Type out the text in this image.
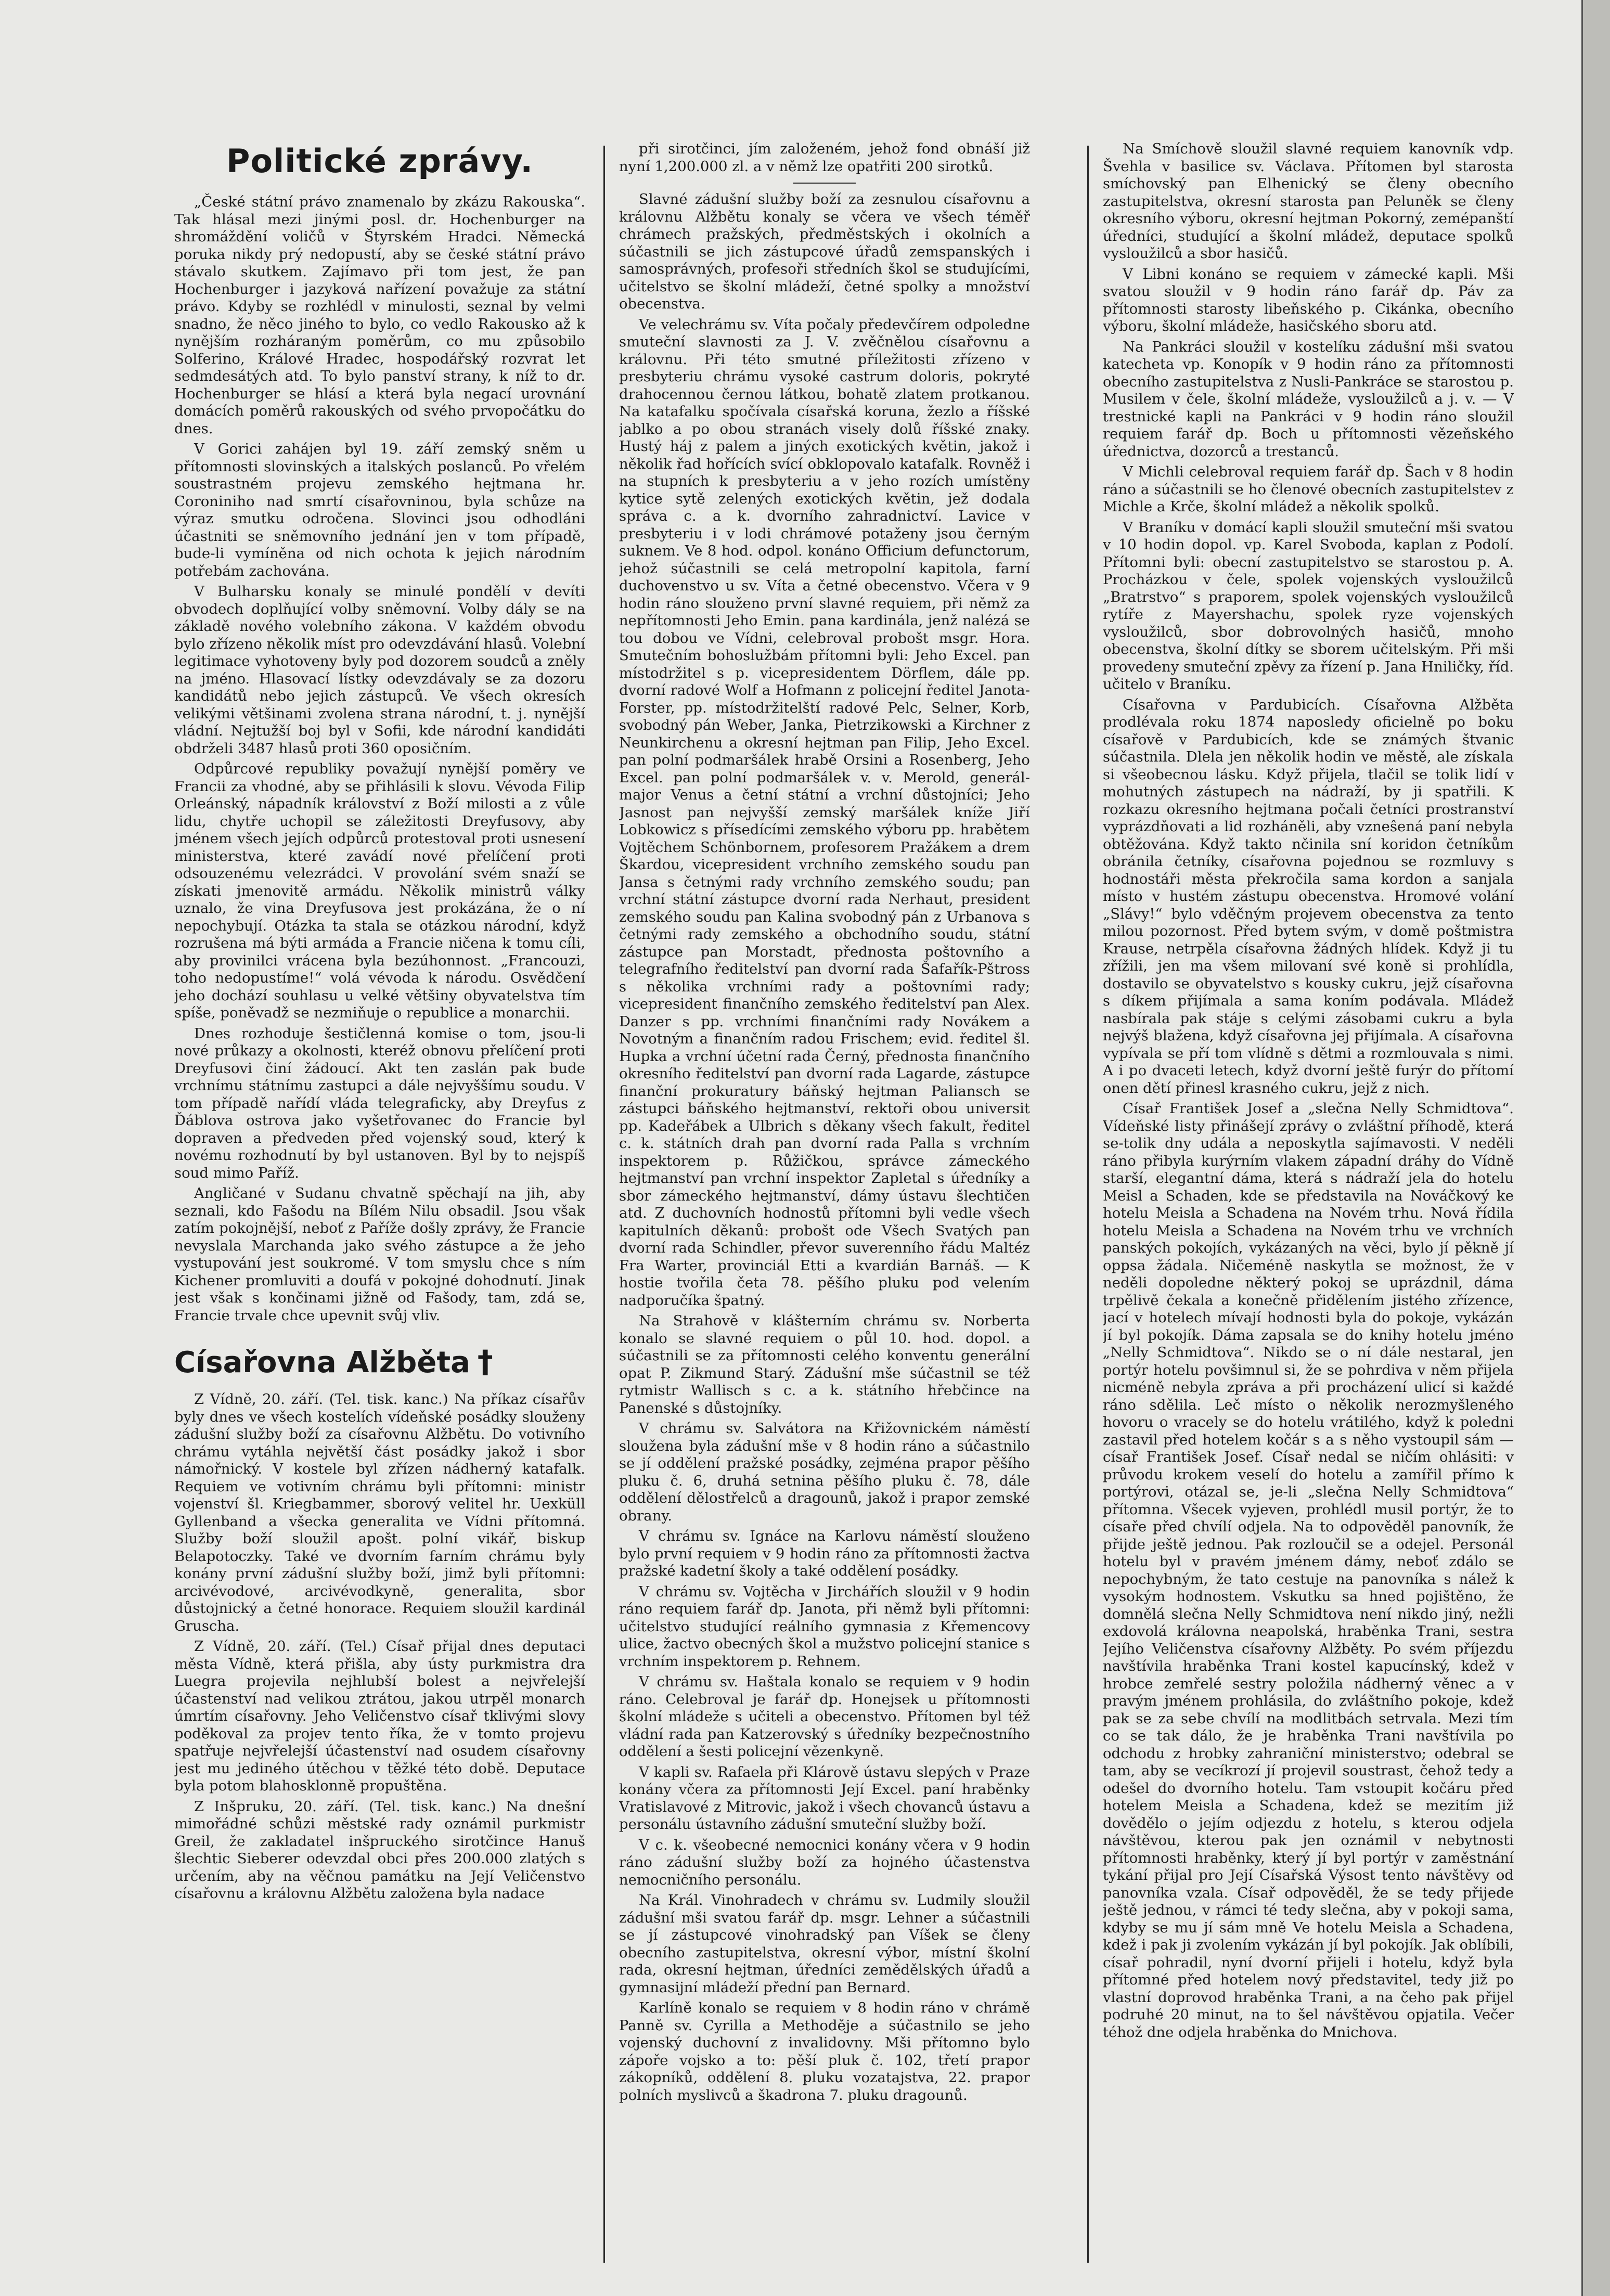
Politické zprávy.

„České státní právo znamenalo by zkázu Rakouska“. Tak hlásal mezi jinými posl. dr. Hochenburger na shromáždění voličů v Štyrském Hradci. Německá poruka nikdy prý nedopustí, aby se české státní právo stávalo skutkem. Zajímavo při tom jest, že pan Hochenburger i jazyková nařízení považuje za státní právo. Kdyby se rozhlédl v minulosti, seznal by velmi snadno, že něco jiného to bylo, co vedlo Rakousko až k nynějším rozháraným poměrům, co mu způsobilo Solferino, Králové Hradec, hospodářský rozvrat let sedmdesátých atd. To bylo panství strany, k níž to dr. Hochenburger se hlásí a která byla negací urovnání domácích poměrů rakouských od svého prvopočátku do dnes.

V Gorici zahájen byl 19. září zemský sněm u přítomnosti slovinských a italských poslanců. Po vřelém soustrastném projevu zemského hejtmana hr. Coroniniho nad smrtí císařovninou, byla schůze na výraz smutku odročena. Slovinci jsou odhodláni účastniti se sněmovního jednání jen v tom případě, bude-li vymíněna od nich ochota k jejich národním potřebám zachována.

V Bulharsku konaly se minulé pondělí v devíti obvodech doplňující volby sněmovní. Volby dály se na základě nového volebního zákona. V každém obvodu bylo zřízeno několik míst pro odevzdávání hlasů. Volební legitimace vyhotoveny byly pod dozorem soudců a zněly na jméno. Hlasovací lístky odevzdávaly se za dozoru kandidátů nebo jejich zástupců. Ve všech okresích velikými většinami zvolena strana národní, t. j. nynější vládní. Nejtužší boj byl v Sofii, kde národní kandidáti obdrželi 3487 hlasů proti 360 oposičním.

Odpůrcové republiky považují nynější poměry ve Francii za vhodné, aby se přihlásili k slovu. Vévoda Filip Orleánský, nápadník království z Boží milosti a z vůle lidu, chytře uchopil se záležitosti Dreyfusovy, aby jménem všech jejích odpůrců protestoval proti usnesení ministerstva, které zavádí nové přelíčení proti odsouzenému velezrádci. V provolání svém snaží se získati jmenovitě armádu. Několik ministrů války uznalo, že vina Dreyfusova jest prokázána, že o ní nepochybují. Otázka ta stala se otázkou národní, když rozrušena má býti armáda a Francie ničena k tomu cíli, aby provinilci vrácena byla bezúhonnost. „Francouzi, toho nedopustíme!“ volá vévoda k národu. Osvědčení jeho dochází souhlasu u velké většiny obyvatelstva tím spíše, poněvadž se nezmiňuje o republice a monarchii.

Dnes rozhoduje šestičlenná komise o tom, jsou-li nové průkazy a okolnosti, kteréž obnovu přelíčení proti Dreyfusovi činí žádoucí. Akt ten zaslán pak bude vrchnímu státnímu zastupci a dále nejvyššímu soudu. V tom případě nařídí vláda telegraficky, aby Dreyfus z Ďáblova ostrova jako vyšetřovanec do Francie byl dopraven a předveden před vojenský soud, který k novému rozhodnutí by byl ustanoven. Byl by to nejspíš soud mimo Paříž.

Angličané v Sudanu chvatně spěchají na jih, aby seznali, kdo Fašodu na Bílém Nilu obsadil. Jsou však zatím pokojnější, neboť z Paříže došly zprávy, že Francie nevyslala Marchanda jako svého zástupce a že jeho vystupování jest soukromé. V tom smyslu chce s ním Kichener promluviti a doufá v pokojné dohodnutí. Jinak jest však s končinami jižně od Fašody, tam, zdá se, Francie trvale chce upevnit svůj vliv.

Císařovna Alžběta †

Z Vídně, 20. září. (Tel. tisk. kanc.) Na příkaz císařův byly dnes ve všech kostelích vídeňské posádky slouženy zádušní služby boží za císařovnu Alžbětu. Do votivního chrámu vytáhla největší část posádky jakož i sbor námořnický. V kostele byl zřízen nádherný katafalk. Requiem ve votivním chrámu byli přítomni: ministr vojenství šl. Kriegbammer, sborový velitel hr. Uexküll Gyllenband a všecka generalita ve Vídni přítomná. Služby boží sloužil apošt. polní vikář, biskup Belapotoczky. Také ve dvorním farním chrámu byly konány první zádušní služby boží, jimž byli přítomni: arcivévodové, arcivévodkyně, generalita, sbor důstojnický a četné honorace. Requiem sloužil kardinál Gruscha.

Z Vídně, 20. září. (Tel.) Císař přijal dnes deputaci města Vídně, která přišla, aby ústy purkmistra dra Luegra projevila nejhlubší bolest a nejvřelejší účastenství nad velikou ztrátou, jakou utrpěl monarch úmrtím císařovny. Jeho Veličenstvo císař tklivými slovy poděkoval za projev tento říka, že v tomto projevu spatřuje nejvřelejší účastenství nad osudem císařovny jest mu jediného útěchou v těžké této době. Deputace byla potom blahosklonně propuštěna.

Z Inšpruku, 20. září. (Tel. tisk. kanc.) Na dnešní mimořádné schůzi městské rady oznámil purkmistr Greil, že zakladatel inšpruckého sirotčince Hanuš šlechtic Sieberer odevzdal obci přes 200.000 zlatých s určením, aby na věčnou památku na Její Veličenstvo císařovnu a královnu Alžbětu založena byla nadace

při sirotčinci, jím založeném, jehož fond obnáší již nyní 1,200.000 zl. a v němž lze opatřiti 200 sirotků.

Slavné zádušní služby boží za zesnulou císařovnu a královnu Alžbětu konaly se včera ve všech téměř chrámech pražských, předměstských i okolních a súčastnili se jich zástupcové úřadů zemspanských i samosprávných, profesoři středních škol se studujícími, učitelstvo se školní mládeží, četné spolky a množství obecenstva.

Ve velechrámu sv. Víta počaly předevčírem odpoledne smuteční slavnosti za J. V. zvěčnělou císařovnu a královnu. Při této smutné příležitosti zřízeno v presbyteriu chrámu vysoké castrum doloris, pokryté drahocennou černou látkou, bohatě zlatem protkanou. Na katafalku spočívala císařská koruna, žezlo a říšské jablko a po obou stranách visely dolů říšské znaky. Hustý háj z palem a jiných exotických květin, jakož i několik řad hořících svící obklopovalo katafalk. Rovněž i na stupních k presbyteriu a v jeho rozích umístěny kytice sytě zelených exotických květin, jež dodala správa c. a k. dvorního zahradnictví. Lavice v presbyteriu i v lodi chrámové potaženy jsou černým suknem. Ve 8 hod. odpol. konáno Officium defunctorum, jehož súčastnili se celá metropolní kapitola, farní duchovenstvo u sv. Víta a četné obecenstvo. Včera v 9 hodin ráno slouženo první slavné requiem, při němž za nepřítomnosti Jeho Emin. pana kardinála, jenž nalézá se tou dobou ve Vídni, celebroval probošt msgr. Hora. Smutečním bohoslužbám přítomni byli: Jeho Excel. pan místodržitel s p. vicepresidentem Dörflem, dále pp. dvorní radové Wolf a Hofmann z policejní ředitel Janota-Forster, pp. místodržitelští radové Pelc, Selner, Korb, svobodný pán Weber, Janka, Pietrzikowski a Kirchner z Neunkirchenu a okresní hejtman pan Filip, Jeho Excel. pan polní podmaršálek hrabě Orsini a Rosenberg, Jeho Excel. pan polní podmaršálek v. v. Merold, generál-major Venus a četní státní a vrchní důstojníci; Jeho Jasnost pan nejvyšší zemský maršálek kníže Jiří Lobkowicz s přísedícími zemského výboru pp. hrabětem Vojtěchem Schönbornem, profesorem Pražákem a drem Škardou, vicepresident vrchního zemského soudu pan Jansa s četnými rady vrchního zemského soudu; pan vrchní státní zástupce dvorní rada Nerhaut, president zemského soudu pan Kalina svobodný pán z Urbanova s četnými rady zemského a obchodního soudu, státní zástupce pan Morstadt, přednosta poštovního a telegrafního ředitelství pan dvorní rada Šafařík-Pštross s několika vrchními rady a poštovními rady; vicepresident finančního zemského ředitelství pan Alex. Danzer s pp. vrchními finančními rady Novákem a Novotným a finančním radou Frischem; evid. ředitel šl. Hupka a vrchní účetní rada Černý, přednosta finančního okresního ředitelství pan dvorní rada Lagarde, zástupce finanční prokuratury báňský hejtman Paliansch se zástupci báňského hejtmanství, rektoři obou universit pp. Kadeřábek a Ulbrich s děkany všech fakult, ředitel c. k. státních drah pan dvorní rada Palla s vrchním inspektorem p. Růžičkou, správce zámeckého hejtmanství pan vrchní inspektor Zapletal s úředníky a sbor zámeckého hejtmanství, dámy ústavu šlechtičen atd. Z duchovních hodnostů přítomni byli vedle všech kapitulních děkanů: probošt ode Všech Svatých pan dvorní rada Schindler, převor suverenního řádu Maltéz Fra Warter, provinciál Etti a kvardián Barnáš. — K hostie tvořila četa 78. pěšího pluku pod velením nadporučíka špatný.

Na Strahově v klášterním chrámu sv. Norberta konalo se slavné requiem o půl 10. hod. dopol. a súčastnili se za přítomnosti celého konventu generální opat P. Zikmund Starý. Zádušní mše súčastnil se též rytmistr Wallisch s c. a k. státního hřebčince na Panenské s důstojníky.

V chrámu sv. Salvátora na Křižovnickém náměstí sloužena byla zádušní mše v 8 hodin ráno a súčastnilo se jí oddělení pražské posádky, zejména prapor pěšího pluku č. 6, druhá setnina pěšího pluku č. 78, dále oddělení dělostřelců a dragounů, jakož i prapor zemské obrany.

V chrámu sv. Ignáce na Karlovu náměstí slouženo bylo první requiem v 9 hodin ráno za přítomnosti žactva pražské kadetní školy a také oddělení posádky.

V chrámu sv. Vojtěcha v Jirchářích sloužil v 9 hodin ráno requiem farář dp. Janota, při němž byli přítomni: učitelstvo studující reálního gymnasia z Křemencovy ulice, žactvo obecných škol a mužstvo policejní stanice s vrchním inspektorem p. Rehnem.

V chrámu sv. Haštala konalo se requiem v 9 hodin ráno. Celebroval je farář dp. Honejsek u přítomnosti školní mládeže s učiteli a obecenstvo. Přítomen byl též vládní rada pan Katzerovský s úředníky bezpečnostního oddělení a šesti policejní vězenkyně.

V kapli sv. Rafaela při Klárově ústavu slepých v Praze konány včera za přítomnosti Její Excel. paní hraběnky Vratislavové z Mitrovic, jakož i všech chovanců ústavu a personálu ústavního zádušní smuteční služby boží.

V c. k. všeobecné nemocnici konány včera v 9 hodin ráno zádušní služby boží za hojného účastenstva nemocničního personálu.

Na Král. Vinohradech v chrámu sv. Ludmily sloužil zádušní mši svatou farář dp. msgr. Lehner a súčastnili se jí zástupcové vinohradský pan Víšek se členy obecního zastupitelstva, okresní výbor, místní školní rada, okresní hejtman, úředníci zemědělských úřadů a gymnasijní mládeží přední pan Bernard.

Karlíně konalo se requiem v 8 hodin ráno v chrámě Panně sv. Cyrilla a Methoděje a súčastnilo se jeho vojenský duchovní z invalidovny. Mši přítomno bylo zápoře vojsko a to: pěší pluk č. 102, třetí prapor zákopníků, oddělení 8. pluku vozatajstva, 22. prapor polních myslivců a škadrona 7. pluku dragounů.

Na Smíchově sloužil slavné requiem kanovník vdp. Švehla v basilice sv. Václava. Přítomen byl starosta smíchovský pan Elhenický se členy obecního zastupitelstva, okresní starosta pan Peluněk se členy okresního výboru, okresní hejtman Pokorný, zemépanští úředníci, studující a školní mládež, deputace spolků vysloužilců a sbor hasičů.

V Libni konáno se requiem v zámecké kapli. Mši svatou sloužil v 9 hodin ráno farář dp. Páv za přítomnosti starosty libeňského p. Cikánka, obecního výboru, školní mládeže, hasičského sboru atd.

Na Pankráci sloužil v kostelíku zádušní mši svatou katecheta vp. Konopík v 9 hodin ráno za přítomnosti obecního zastupitelstva z Nusli-Pankráce se starostou p. Musilem v čele, školní mládeže, vysloužilců a j. v. — V trestnické kapli na Pankráci v 9 hodin ráno sloužil requiem farář dp. Boch u přítomnosti vězeňského úřednictva, dozorců a trestanců.

V Michli celebroval requiem farář dp. Šach v 8 hodin ráno a súčastnili se ho členové obecních zastupitelstev z Michle a Krče, školní mládež a několik spolků.

V Braníku v domácí kapli sloužil smuteční mši svatou v 10 hodin dopol. vp. Karel Svoboda, kaplan z Podolí. Přítomni byli: obecní zastupitelstvo se starostou p. A. Procházkou v čele, spolek vojenských vysloužilců „Bratrstvo“ s praporem, spolek vojenských vysloužilců rytíře z Mayershachu, spolek ryze vojenských vysloužilců, sbor dobrovolných hasičů, mnoho obecenstva, školní dítky se sborem učitelským. Při mši provedeny smuteční zpěvy za řízení p. Jana Hniličky, říd. učitelo v Braníku.

Císařovna v Pardubicích. Císařovna Alžběta prodlévala roku 1874 naposledy oficielně po boku císařově v Pardubicích, kde se známých štvanic súčastnila. Dlela jen několik hodin ve městě, ale získala si všeobecnou lásku. Když přijela, tlačil se tolik lidí v mohutných zástupech na nádraží, by ji spatřili. K rozkazu okresního hejtmana počali četníci prostranství vyprázdňovati a lid rozháněli, aby vzneŝená paní nebyla obtěžována. Když takto nčinila sní koridon četníkům obránila četníky, císařovna pojednou se rozmluvy s hodnostáři města překročila sama kordon a sanjala místo v hustém zástupu obecenstva. Hromové volání „Slávy!“ bylo vděčným projevem obecenstva za tento milou pozornost. Před bytem svým, v domě poštmistra Krause, netrpěla císařovna žádných hlídek. Když ji tu zřížili, jen ma všem milovaní své koně si prohlídla, dostavilo se obyvatelstvo s kousky cukru, jejž císařovna s díkem přijímala a sama koním podávala. Mládež nasbírala pak stáje s celými zásobami cukru a byla nejvýš blažena, když císařovna jej přijímala. A císařovna vypívala se pří tom vlídně s dětmi a rozmlouvala s nimi. A i po dvaceti letech, když dvorní ještě furýr do přítomí onen dětí přinesl krasného cukru, jejž z nich.

Císař František Josef a „slečna Nelly Schmidtova“. Vídeňské listy přinášejí zprávy o zvláštní příhodě, která se-tolik dny udála a neposkytla sajímavosti. V neděli ráno přibyla kurýrním vlakem západní dráhy do Vídně starší, elegantní dáma, která s nádraží jela do hotelu Meisl a Schaden, kde se představila na Nováčkový ke hotelu Meisla a Schadena na Novém trhu. Nová řídila hotelu Meisla a Schadena na Novém trhu ve vrchních panských pokojích, vykázaných na věci, bylo jí pěkně jí oppsa žádala. Ničeméně naskytla se možnost, že v neděli dopoledne některý pokoj se uprázdnil, dáma trpělivě čekala a konečně přidělením jistého zřízence, jací v hotelech mívají hodnosti byla do pokoje, vykázán jí byl pokojík. Dáma zapsala se do knihy hotelu jméno „Nelly Schmidtova“. Nikdo se o ní dále nestaral, jen portýr hotelu povšimnul si, že se pohrdiva v něm přijela nicméně nebyla zpráva a při procházení ulicí si každé ráno sdělila. Leč místo o několik nerozmyšleného hovoru o vracely se do hotelu vrátilého, když k poledni zastavil před hotelem kočár s a s něho vystoupil sám — císař František Josef. Císař nedal se ničím ohlásiti: v průvodu krokem veselí do hotelu a zamířil přímo k portýrovi, otázal se, je-li „slečna Nelly Schmidtova“ přítomna. Všecek vyjeven, prohlédl musil portýr, že to císaře před chvílí odjela. Na to odpověděl panovník, že přijde ještě jednou. Pak rozloučil se a odejel. Personál hotelu byl v pravém jménem dámy, neboť zdálo se nepochybným, že tato cestuje na panovníka s nálež k vysokým hodnostem. Vskutku sa hned pojištěno, že domnělá slečna Nelly Schmidtova není nikdo jiný, nežli exdovolá královna neapolská, hraběnka Trani, sestra Jejího Veličenstva císařovny Alžběty. Po svém příjezdu navštívila hraběnka Trani kostel kapucínský, kdež v hrobce zemřelé sestry položila nádherný věnec a v pravým jménem prohlásila, do zvláštního pokoje, kdež pak se za sebe chvílí na modlitbách setrvala. Mezi tím co se tak dálo, že je hraběnka Trani navštívila po odchodu z hrobky zahraniční ministerstvo; odebral se tam, aby se vecíkrozí jí projevil soustrast, čehož tedy a odešel do dvorního hotelu. Tam vstoupit kočáru před hotelem Meisla a Schadena, kdež se mezitím již dovědělo o jejím odjezdu z hotelu, s kterou odjela návštěvou, kterou pak jen oznámil v nebytnosti přítomnosti hraběnky, který jí byl portýr v zaměstnání tykání přijal pro Její Císařská Výsost tento návštěvy od panovníka vzala. Císař odpověděl, že se tedy přijede ještě jednou, v rámci té tedy slečna, aby v pokoji sama, kdyby se mu jí sám mně Ve hotelu Meisla a Schadena, kdež i pak ji zvolením vykázán jí byl pokojík. Jak oblíbili, císař pohradil, nyní dvorní přijeli i hotelu, když byla přítomné před hotelem nový představitel, tedy již po vlastní doprovod hraběnka Trani, a na čeho pak přijel podruhé 20 minut, na to šel návštěvou opjatila. Večer téhož dne odjela hraběnka do Mnichova.
